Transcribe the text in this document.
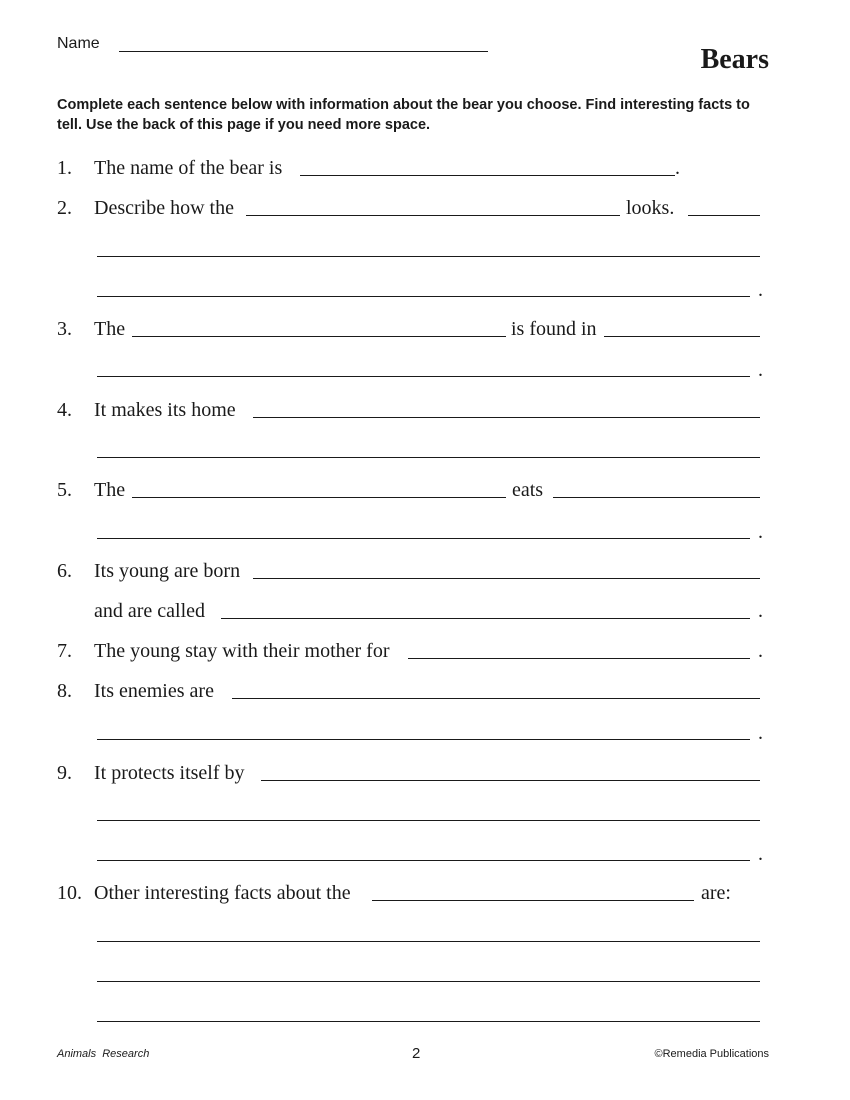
Name
Bears
Complete each sentence below with information about the bear you choose. Find interesting facts to tell. Use the back of this page if you need more space.
1. The name of the bear is	.
2. Describe how the	looks.
.
3. The	is found in
.
4. It makes its home
5. The	eats
.
6. Its young are born
and are called	.
7. The young stay with their mother for	.
8. Its enemies are
.
9. It protects itself by
.
10. Other interesting facts about the	are:
Animals  Research	2	©Remedia Publications
